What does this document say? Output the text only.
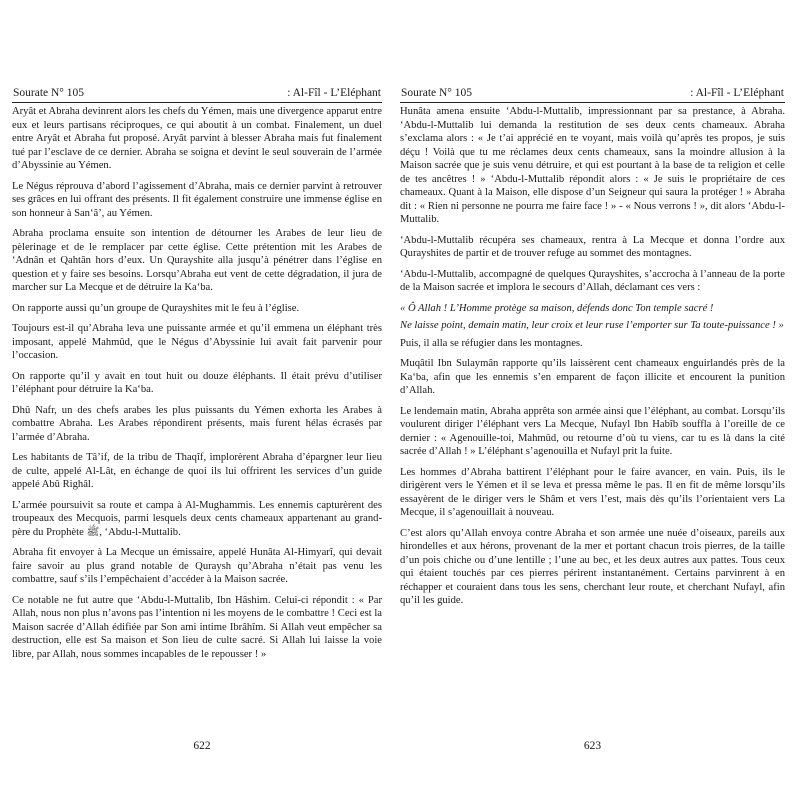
Sourate N° 105	: Al-Fîl - L’Eléphant

Aryât et Abraha devinrent alors les chefs du Yémen, mais une divergence apparut entre eux et leurs partisans réciproques, ce qui aboutit à un combat. Finalement, un duel entre Aryât et Abraha fut proposé. Aryât parvint à blesser Abraha mais fut finalement tué par l’esclave de ce dernier. Abraha se soigna et devint le seul souverain de l’armée d’Abyssinie au Yémen.

Le Négus réprouva d’abord l’agissement d’Abraha, mais ce dernier parvint à retrouver ses grâces en lui offrant des présents. Il fit également construire une immense église en son honneur à San‘â’, au Yémen.

Abraha proclama ensuite son intention de détourner les Arabes de leur lieu de pèlerinage et de le remplacer par cette église. Cette prétention mit les Arabes de ‘Adnân et Qahtân hors d’eux. Un Qurayshite alla jusqu’à pénétrer dans l’église en question et y faire ses besoins. Lorsqu’Abraha eut vent de cette dégradation, il jura de marcher sur La Mecque et de détruire la Ka‘ba.

On rapporte aussi qu’un groupe de Qurayshites mit le feu à l’église.

Toujours est-il qu’Abraha leva une puissante armée et qu’il emmena un éléphant très imposant, appelé Mahmûd, que le Négus d’Abyssinie lui avait fait parvenir pour l’occasion.

On rapporte qu’il y avait en tout huit ou douze éléphants. Il était prévu d’utiliser l’éléphant pour détruire la Ka‘ba.

Dhû Nafr, un des chefs arabes les plus puissants du Yémen exhorta les Arabes à combattre Abraha. Les Arabes répondirent présents, mais furent hélas écrasés par l’armée d’Abraha.

Les habitants de Tâ’if, de la tribu de Thaqîf, implorèrent Abraha d’épargner leur lieu de culte, appelé Al-Lât, en échange de quoi ils lui offrirent les services d’un guide appelé Abû Righâl.

L’armée poursuivit sa route et campa à Al-Mughammis. Les ennemis capturèrent des troupeaux des Mecquois, parmi lesquels deux cents chameaux appartenant au grand-père du Prophète ﷺ, ‘Abdu-l-Muttalib.

Abraha fit envoyer à La Mecque un émissaire, appelé Hunâta Al-Himyarî, qui devait faire savoir au plus grand notable de Quraysh qu’Abraha n’était pas venu les combattre, sauf s’ils l’empêchaient d’accéder à la Maison sacrée.

Ce notable ne fut autre que ‘Abdu-l-Muttalib, Ibn Hâshim. Celui-ci répondit : « Par Allah, nous non plus n’avons pas l’intention ni les moyens de le combattre ! Ceci est la Maison sacrée d’Allah édifiée par Son ami intime Ibrâhîm. Si Allah veut empêcher sa destruction, elle est Sa maison et Son lieu de culte sacré. Si Allah lui laisse la voie libre, par Allah, nous sommes incapables de le repousser ! »

622
Sourate N° 105	: Al-Fîl - L’Eléphant

Hunâta amena ensuite ‘Abdu-l-Muttalib, impressionnant par sa prestance, à Abraha. ‘Abdu-l-Muttalib lui demanda la restitution de ses deux cents chameaux. Abraha s’exclama alors : « Je t’ai apprécié en te voyant, mais voilà qu’après tes propos, je suis déçu ! Voilà que tu me réclames deux cents chameaux, sans la moindre allusion à la Maison sacrée que je suis venu détruire, et qui est pourtant à la base de ta religion et celle de tes ancêtres ! » ‘Abdu-l-Muttalib répondit alors : « Je suis le propriétaire de ces chameaux. Quant à la Maison, elle dispose d’un Seigneur qui saura la protéger ! » Abraha dit : « Rien ni personne ne pourra me faire face ! » - « Nous verrons ! », dit alors ‘Abdu-l-Muttalib.

‘Abdu-l-Muttalib récupéra ses chameaux, rentra à La Mecque et donna l’ordre aux Qurayshites de partir et de trouver refuge au sommet des montagnes.

‘Abdu-l-Muttalib, accompagné de quelques Qurayshites, s’accrocha à l’anneau de la porte de la Maison sacrée et implora le secours d’Allah, déclamant ces vers :

« Ô Allah ! L’Homme protège sa maison, défends donc Ton temple sacré !

Ne laisse point, demain matin, leur croix et leur ruse l’emporter sur Ta toute-puissance ! »

Puis, il alla se réfugier dans les montagnes.

Muqâtil Ibn Sulaymân rapporte qu’ils laissèrent cent chameaux enguirlandés près de la Ka‘ba, afin que les ennemis s’en emparent de façon illicite et encourent la punition d’Allah.

Le lendemain matin, Abraha apprêta son armée ainsi que l’éléphant, au combat. Lorsqu’ils voulurent diriger l’éléphant vers La Mecque, Nufayl Ibn Habîb souffla à l’oreille de ce dernier : « Agenouille-toi, Mahmûd, ou retourne d’où tu viens, car tu es là dans la cité sacrée d’Allah ! » L’éléphant s’agenouilla et Nufayl prit la fuite.

Les hommes d’Abraha battirent l’éléphant pour le faire avancer, en vain. Puis, ils le dirigèrent vers le Yémen et il se leva et pressa même le pas. Il en fit de même lorsqu’ils essayèrent de le diriger vers le Shâm et vers l’est, mais dès qu’ils l’orientaient vers La Mecque, il s’agenouillait à nouveau.

C’est alors qu’Allah envoya contre Abraha et son armée une nuée d’oiseaux, pareils aux hirondelles et aux hérons, provenant de la mer et portant chacun trois pierres, de la taille d’un pois chiche ou d’une lentille ; l’une au bec, et les deux autres aux pattes. Tous ceux qui étaient touchés par ces pierres périrent instantanément. Certains parvinrent à en réchapper et couraient dans tous les sens, cherchant leur route, et cherchant Nufayl, afin qu’il les guide.

623
